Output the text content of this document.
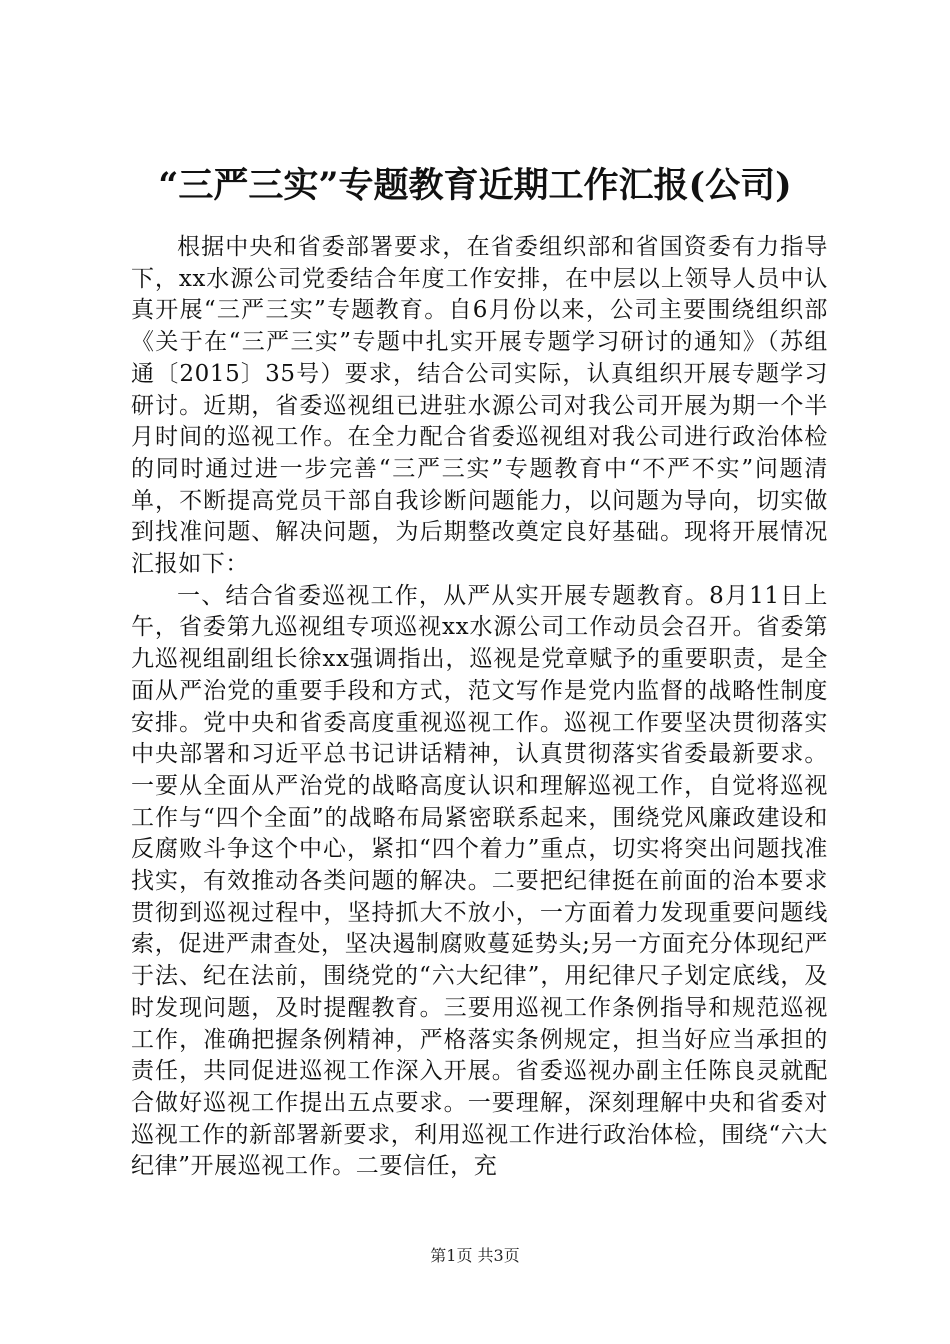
“三严三实”专题教育近期工作汇报(公司)

根据中央和省委部署要求，在省委组织部和省国资委有力指导下，xx水源公司党委结合年度工作安排，在中层以上领导人员中认真开展“三严三实”专题教育。自6月份以来，公司主要围绕组织部《关于在“三严三实”专题中扎实开展专题学习研讨的通知》（苏组通〔2015〕35号）要求，结合公司实际，认真组织开展专题学习研讨。近期，省委巡视组已进驻水源公司对我公司开展为期一个半月时间的巡视工作。在全力配合省委巡视组对我公司进行政治体检的同时通过进一步完善“三严三实”专题教育中“不严不实”问题清单，不断提高党员干部自我诊断问题能力，以问题为导向，切实做到找准问题、解决问题，为后期整改奠定良好基础。现将开展情况汇报如下：

一、结合省委巡视工作，从严从实开展专题教育。8月11日上午，省委第九巡视组专项巡视xx水源公司工作动员会召开。省委第九巡视组副组长徐xx强调指出，巡视是党章赋予的重要职责，是全面从严治党的重要手段和方式，范文写作是党内监督的战略性制度安排。党中央和省委高度重视巡视工作。巡视工作要坚决贯彻落实中央部署和习近平总书记讲话精神，认真贯彻落实省委最新要求。一要从全面从严治党的战略高度认识和理解巡视工作，自觉将巡视工作与“四个全面”的战略布局紧密联系起来，围绕党风廉政建设和反腐败斗争这个中心，紧扣“四个着力”重点，切实将突出问题找准找实，有效推动各类问题的解决。二要把纪律挺在前面的治本要求贯彻到巡视过程中，坚持抓大不放小，一方面着力发现重要问题线索，促进严肃查处，坚决遏制腐败蔓延势头;另一方面充分体现纪严于法、纪在法前，围绕党的“六大纪律”，用纪律尺子划定底线，及时发现问题，及时提醒教育。三要用巡视工作条例指导和规范巡视工作，准确把握条例精神，严格落实条例规定，担当好应当承担的责任，共同促进巡视工作深入开展。省委巡视办副主任陈良灵就配合做好巡视工作提出五点要求。一要理解，深刻理解中央和省委对巡视工作的新部署新要求，利用巡视工作进行政治体检，围绕“六大纪律”开展巡视工作。二要信任，充

第1页 共3页
